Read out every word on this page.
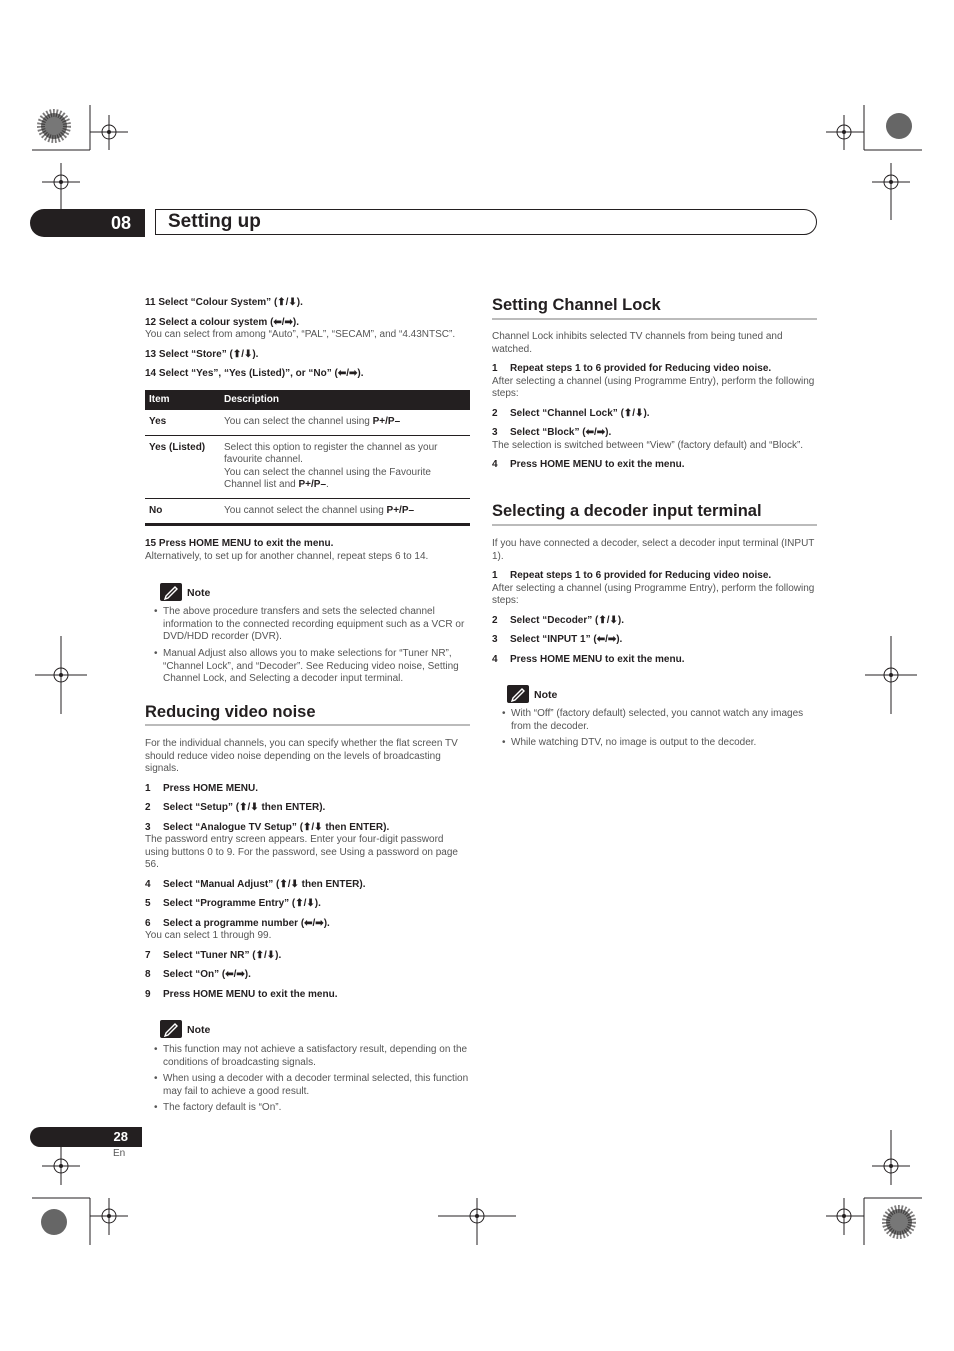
08	Setting up
11 Select “Colour System” (⬆/⬇).
12 Select a colour system (⬅/➡).
You can select from among “Auto”, “PAL”, “SECAM”, and “4.43NTSC”.
13 Select “Store” (⬆/⬇).
14 Select “Yes”, “Yes (Listed)”, or “No” (⬅/➡).
Item	Description
Yes	You can select the channel using P+/P–
Yes (Listed)	Select this option to register the channel as your favourite channel.
You can select the channel using the Favourite Channel list and P+/P–.
No	You cannot select the channel using P+/P–
15 Press HOME MENU to exit the menu.
Alternatively, to set up for another channel, repeat steps 6 to 14.
Note
• The above procedure transfers and sets the selected channel information to the connected recording equipment such as a VCR or DVD/HDD recorder (DVR).
• Manual Adjust also allows you to make selections for “Tuner NR”, “Channel Lock”, and “Decoder”. See Reducing video noise, Setting Channel Lock, and Selecting a decoder input terminal.
Reducing video noise
For the individual channels, you can specify whether the flat screen TV should reduce video noise depending on the levels of broadcasting signals.
1 Press HOME MENU.
2 Select “Setup” (⬆/⬇ then ENTER).
3 Select “Analogue TV Setup” (⬆/⬇ then ENTER).
The password entry screen appears. Enter your four-digit password using buttons 0 to 9. For the password, see Using a password on page 56.
4 Select “Manual Adjust” (⬆/⬇ then ENTER).
5 Select “Programme Entry” (⬆/⬇).
6 Select a programme number (⬅/➡).
You can select 1 through 99.
7 Select “Tuner NR” (⬆/⬇).
8 Select “On” (⬅/➡).
9 Press HOME MENU to exit the menu.
Note
• This function may not achieve a satisfactory result, depending on the conditions of broadcasting signals.
• When using a decoder with a decoder terminal selected, this function may fail to achieve a good result.
• The factory default is “On”.
Setting Channel Lock
Channel Lock inhibits selected TV channels from being tuned and watched.
1 Repeat steps 1 to 6 provided for Reducing video noise.
After selecting a channel (using Programme Entry), perform the following steps:
2 Select “Channel Lock” (⬆/⬇).
3 Select “Block” (⬅/➡).
The selection is switched between “View” (factory default) and “Block”.
4 Press HOME MENU to exit the menu.
Selecting a decoder input terminal
If you have connected a decoder, select a decoder input terminal (INPUT 1).
1 Repeat steps 1 to 6 provided for Reducing video noise.
After selecting a channel (using Programme Entry), perform the following steps:
2 Select “Decoder” (⬆/⬇).
3 Select “INPUT 1” (⬅/➡).
4 Press HOME MENU to exit the menu.
Note
• With “Off” (factory default) selected, you cannot watch any images from the decoder.
• While watching DTV, no image is output to the decoder.
28
En
